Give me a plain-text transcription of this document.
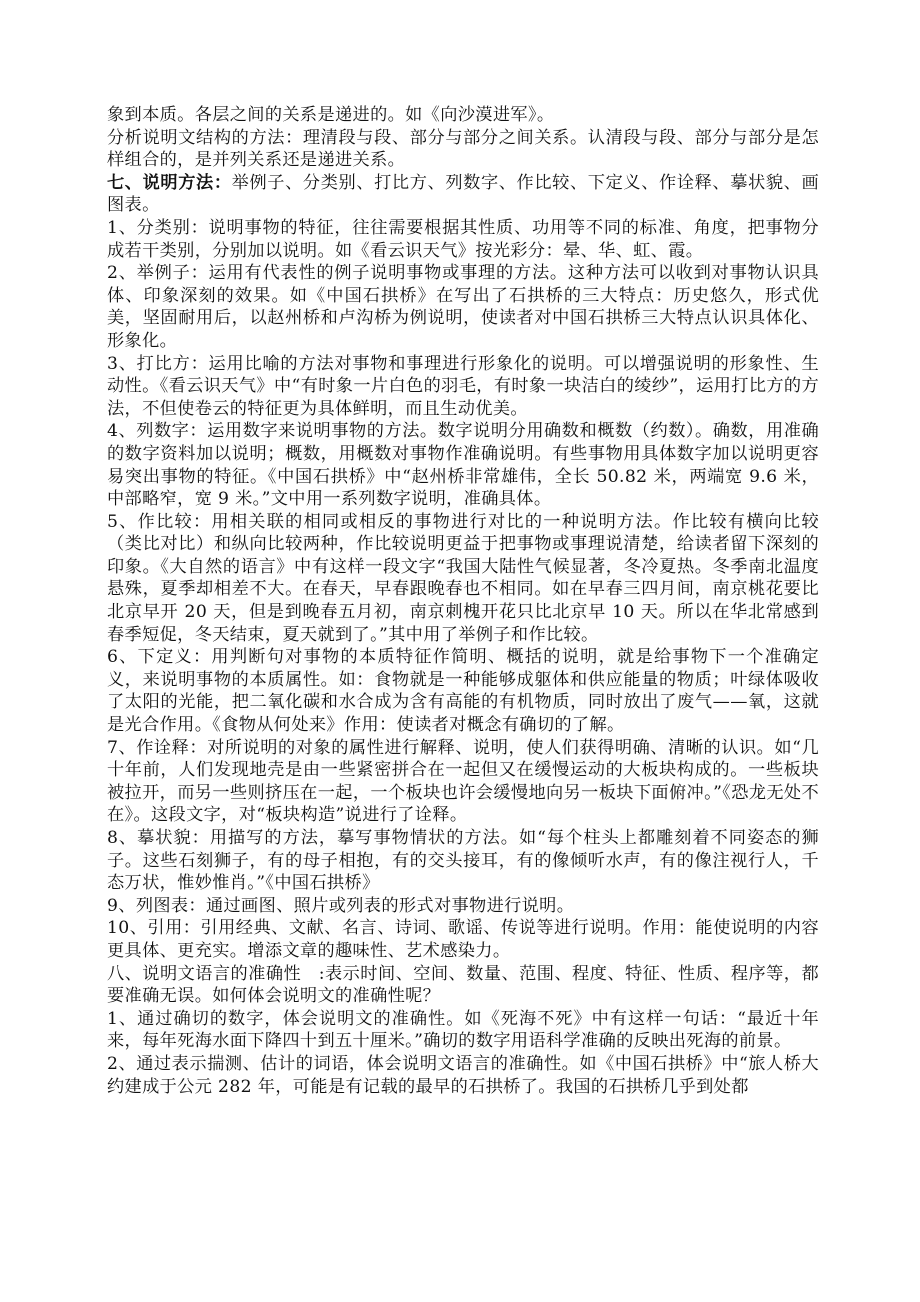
象到本质。各层之间的关系是递进的。如《向沙漠进军》。

分析说明文结构的方法：理清段与段、部分与部分之间关系。认清段与段、部分与部分是怎样组合的，是并列关系还是递进关系。

七、说明方法：举例子、分类别、打比方、列数字、作比较、下定义、作诠释、摹状貌、画图表。

1、分类别：说明事物的特征，往往需要根据其性质、功用等不同的标准、角度，把事物分成若干类别，分别加以说明。如《看云识天气》按光彩分：晕、华、虹、霞。

2、举例子：运用有代表性的例子说明事物或事理的方法。这种方法可以收到对事物认识具体、印象深刻的效果。如《中国石拱桥》在写出了石拱桥的三大特点：历史悠久，形式优美，坚固耐用后，以赵州桥和卢沟桥为例说明，使读者对中国石拱桥三大特点认识具体化、形象化。

3、打比方：运用比喻的方法对事物和事理进行形象化的说明。可以增强说明的形象性、生动性。《看云识天气》中“有时象一片白色的羽毛，有时象一块洁白的绫纱”，运用打比方的方法，不但使卷云的特征更为具体鲜明，而且生动优美。

4、列数字：运用数字来说明事物的方法。数字说明分用确数和概数（约数）。确数，用准确的数字资料加以说明；概数，用概数对事物作准确说明。有些事物用具体数字加以说明更容易突出事物的特征。《中国石拱桥》中“赵州桥非常雄伟，全长 50.82 米，两端宽 9.6 米，中部略窄，宽 9 米。”文中用一系列数字说明，准确具体。

5、作比较：用相关联的相同或相反的事物进行对比的一种说明方法。作比较有横向比较（类比对比）和纵向比较两种，作比较说明更益于把事物或事理说清楚，给读者留下深刻的印象。《大自然的语言》中有这样一段文字“我国大陆性气候显著，冬冷夏热。冬季南北温度悬殊，夏季却相差不大。在春天，早春跟晚春也不相同。如在早春三四月间，南京桃花要比北京早开 20 天，但是到晚春五月初，南京刺槐开花只比北京早 10 天。所以在华北常感到春季短促，冬天结束，夏天就到了。”其中用了举例子和作比较。

6、下定义：用判断句对事物的本质特征作简明、概括的说明，就是给事物下一个准确定义，来说明事物的本质属性。如：食物就是一种能够成躯体和供应能量的物质；叶绿体吸收了太阳的光能，把二氧化碳和水合成为含有高能的有机物质，同时放出了废气——氧，这就是光合作用。《食物从何处来》作用：使读者对概念有确切的了解。

7、作诠释：对所说明的对象的属性进行解释、说明，使人们获得明确、清晰的认识。如“几十年前，人们发现地壳是由一些紧密拼合在一起但又在缓慢运动的大板块构成的。一些板块被拉开，而另一些则挤压在一起，一个板块也许会缓慢地向另一板块下面俯冲。”《恐龙无处不在》。这段文字，对“板块构造”说进行了诠释。

8、摹状貌：用描写的方法，摹写事物情状的方法。如“每个柱头上都雕刻着不同姿态的狮子。这些石刻狮子，有的母子相抱，有的交头接耳，有的像倾听水声，有的像注视行人，千态万状，惟妙惟肖。”《中国石拱桥》

9、列图表：通过画图、照片或列表的形式对事物进行说明。

10、引用：引用经典、文献、名言、诗词、歌谣、传说等进行说明。作用：能使说明的内容更具体、更充实。增添文章的趣味性、艺术感染力。

八、说明文语言的准确性　:表示时间、空间、数量、范围、程度、特征、性质、程序等，都要准确无误。如何体会说明文的准确性呢？

1、通过确切的数字，体会说明文的准确性。如《死海不死》中有这样一句话：“最近十年来，每年死海水面下降四十到五十厘米。”确切的数字用语科学准确的反映出死海的前景。

2、通过表示揣测、估计的词语，体会说明文语言的准确性。如《中国石拱桥》中“旅人桥大约建成于公元 282 年，可能是有记载的最早的石拱桥了。我国的石拱桥几乎到处都
